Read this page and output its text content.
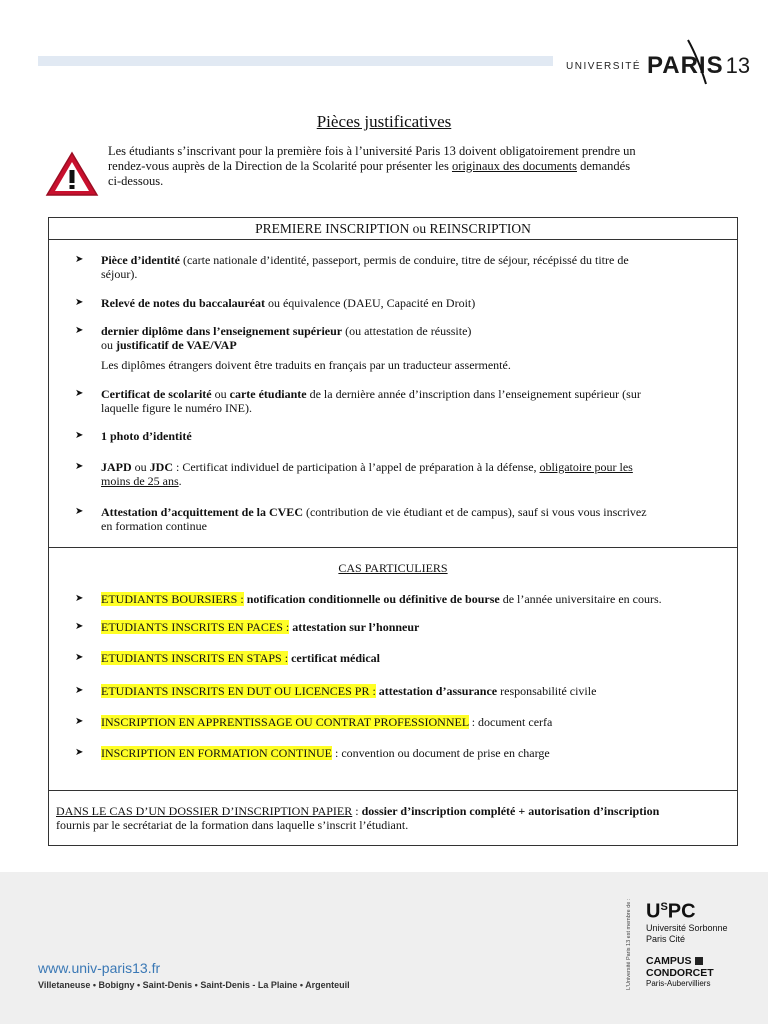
UNIVERSITÉ PARIS 13
Pièces justificatives
Les étudiants s’inscrivant pour la première fois à l’université Paris 13 doivent obligatoirement prendre un
rendez-vous auprès de la Direction de la Scolarité pour présenter les originaux des documents demandés
ci-dessous.
PREMIERE INSCRIPTION ou REINSCRIPTION
➤ Pièce d’identité (carte nationale d’identité, passeport, permis de conduire, titre de séjour, récépissé du titre de
séjour).
➤ Relevé de notes du baccalauréat ou équivalence (DAEU, Capacité en Droit)
➤ dernier diplôme dans l’enseignement supérieur (ou attestation de réussite)
ou justificatif de VAE/VAP
Les diplômes étrangers doivent être traduits en français par un traducteur assermenté.
➤ Certificat de scolarité ou carte étudiante de la dernière année d’inscription dans l’enseignement supérieur (sur
laquelle figure le numéro INE).
➤ 1 photo d’identité
➤ JAPD ou JDC : Certificat individuel de participation à l’appel de préparation à la défense, obligatoire pour les
moins de 25 ans.
➤ Attestation d’acquittement de la CVEC (contribution de vie étudiant et de campus), sauf si vous vous inscrivez
en formation continue
CAS PARTICULIERS
➤ ETUDIANTS BOURSIERS : notification conditionnelle ou définitive de bourse de l’année universitaire en cours.
➤ ETUDIANTS INSCRITS EN PACES : attestation sur l’honneur
➤ ETUDIANTS INSCRITS EN STAPS : certificat médical
➤ ETUDIANTS INSCRITS EN DUT OU LICENCES PR : attestation d’assurance responsabilité civile
➤ INSCRIPTION EN APPRENTISSAGE OU CONTRAT PROFESSIONNEL : document cerfa
➤ INSCRIPTION EN FORMATION CONTINUE : convention ou document de prise en charge
DANS LE CAS D’UN DOSSIER D’INSCRIPTION PAPIER : dossier d’inscription complété + autorisation d’inscription
fournis par le secrétariat de la formation dans laquelle s’inscrit l’étudiant.
www.univ-paris13.fr
Villetaneuse • Bobigny • Saint-Denis • Saint-Denis - La Plaine • Argenteuil	L’Université Paris 13 est membre de : $U^SPC$
Université Sorbonne
Paris Cité
CAMPUS
CONDORCET
Paris-Aubervilliers
